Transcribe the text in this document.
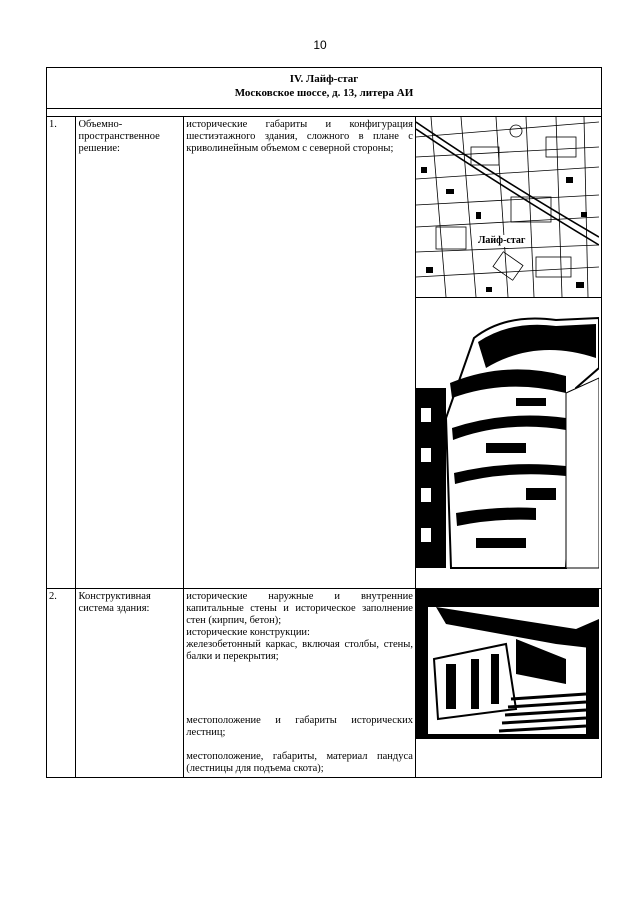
10
IV. Лайф-стаг
Московское шоссе, д. 13, литера АИ			

1.	Объемно-пространственное решение:	исторические габариты и конфигурация шестиэтажного здания, сложного в плане с криволинейным объемом с северной стороны;	Лайф-стаг

2.	Конструктивная система здания:	исторические наружные и внутренние капитальные стены и историческое заполнение стен (кирпич, бетон);
исторические конструкции:
железобетонный каркас, включая столбы, стены, балки и перекрытия;
местоположение и габариты исторических лестниц;
местоположение, габариты, материал пандуса (лестницы для подъема скота);
